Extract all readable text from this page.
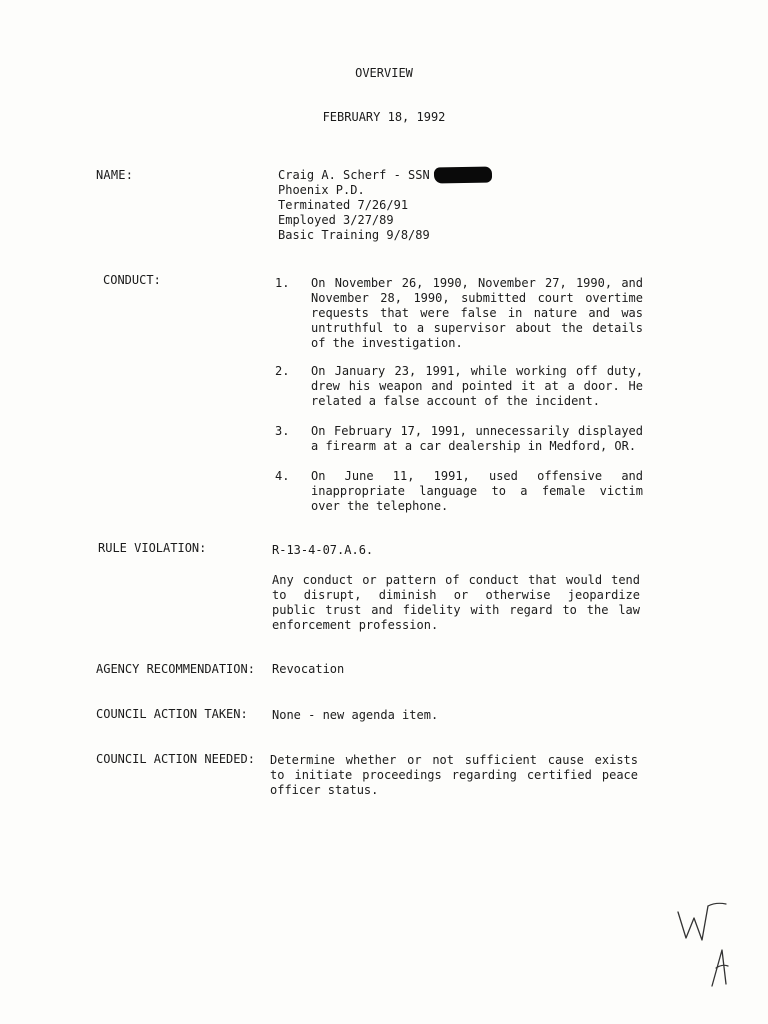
OVERVIEW
FEBRUARY 18, 1992
NAME:	Craig A. Scherf - SSN
Phoenix P.D.
Terminated 7/26/91
Employed 3/27/89
Basic Training 9/8/89
CONDUCT:	1. On November 26, 1990, November 27, 1990, and November 28, 1990, submitted court overtime requests that were false in nature and was untruthful to a supervisor about the details of the investigation.
2. On January 23, 1991, while working off duty, drew his weapon and pointed it at a door. He related a false account of the incident.
3. On February 17, 1991, unnecessarily displayed a firearm at a car dealership in Medford, OR.
4. On June 11, 1991, used offensive and inappropriate language to a female victim over the telephone.
RULE VIOLATION:	R-13-4-07.A.6.
Any conduct or pattern of conduct that would tend to disrupt, diminish or otherwise jeopardize public trust and fidelity with regard to the law enforcement profession.
AGENCY RECOMMENDATION: Revocation
COUNCIL ACTION TAKEN: None - new agenda item.
COUNCIL ACTION NEEDED: Determine whether or not sufficient cause exists to initiate proceedings regarding certified peace officer status.
